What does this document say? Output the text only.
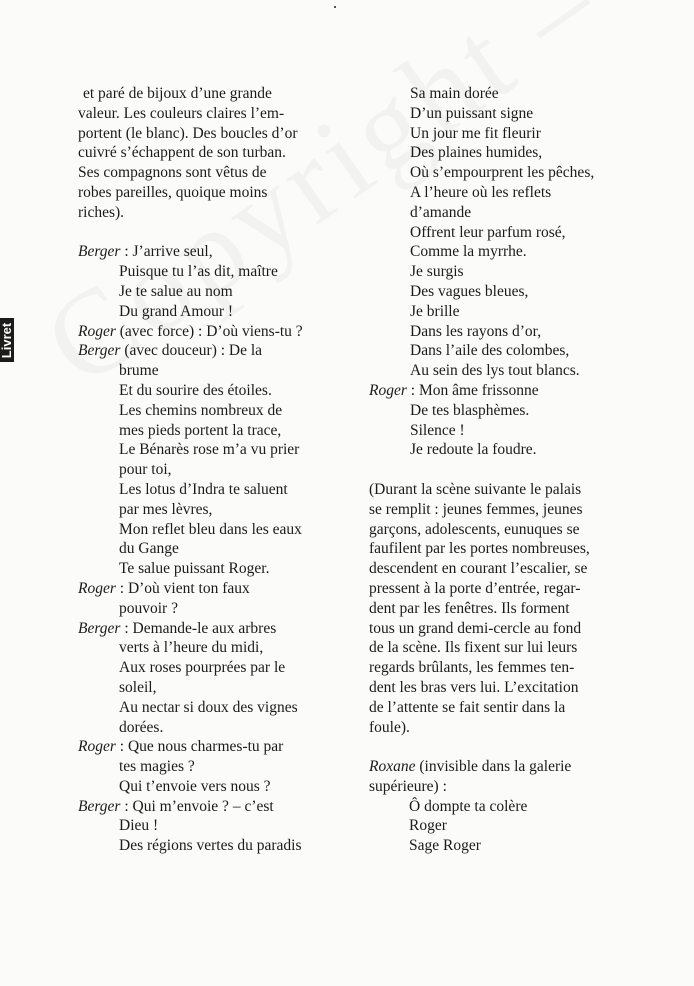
Livret
et paré de bijoux d’une grande
valeur. Les couleurs claires l’em-
portent (le blanc). Des boucles d’or
cuivré s’échappent de son turban.
Ses compagnons sont vêtus de
robes pareilles, quoique moins
riches).
Berger : J’arrive seul,
Puisque tu l’as dit, maître
Je te salue au nom
Du grand Amour !
Roger (avec force) : D’où viens-tu ?
Berger (avec douceur) : De la
brume
Et du sourire des étoiles.
Les chemins nombreux de
mes pieds portent la trace,
Le Bénarès rose m’a vu prier
pour toi,
Les lotus d’Indra te saluent
par mes lèvres,
Mon reflet bleu dans les eaux
du Gange
Te salue puissant Roger.
Roger : D’où vient ton faux
pouvoir ?
Berger : Demande-le aux arbres
verts à l’heure du midi,
Aux roses pourprées par le
soleil,
Au nectar si doux des vignes
dorées.
Roger : Que nous charmes-tu par
tes magies ?
Qui t’envoie vers nous ?
Berger : Qui m’envoie ? – c’est
Dieu !
Des régions vertes du paradis
Sa main dorée
D’un puissant signe
Un jour me fit fleurir
Des plaines humides,
Où s’empourprent les pêches,
A l’heure où les reflets
d’amande
Offrent leur parfum rosé,
Comme la myrrhe.
Je surgis
Des vagues bleues,
Je brille
Dans les rayons d’or,
Dans l’aile des colombes,
Au sein des lys tout blancs.
Roger : Mon âme frissonne
De tes blasphèmes.
Silence !
Je redoute la foudre.
(Durant la scène suivante le palais
se remplit : jeunes femmes, jeunes
garçons, adolescents, eunuques se
faufilent par les portes nombreuses,
descendent en courant l’escalier, se
pressent à la porte d’entrée, regar-
dent par les fenêtres. Ils forment
tous un grand demi-cercle au fond
de la scène. Ils fixent sur lui leurs
regards brûlants, les femmes ten-
dent les bras vers lui. L’excitation
de l’attente se fait sentir dans la
foule).
Roxane (invisible dans la galerie
supérieure) :
Ô dompte ta colère
Roger
Sage Roger
